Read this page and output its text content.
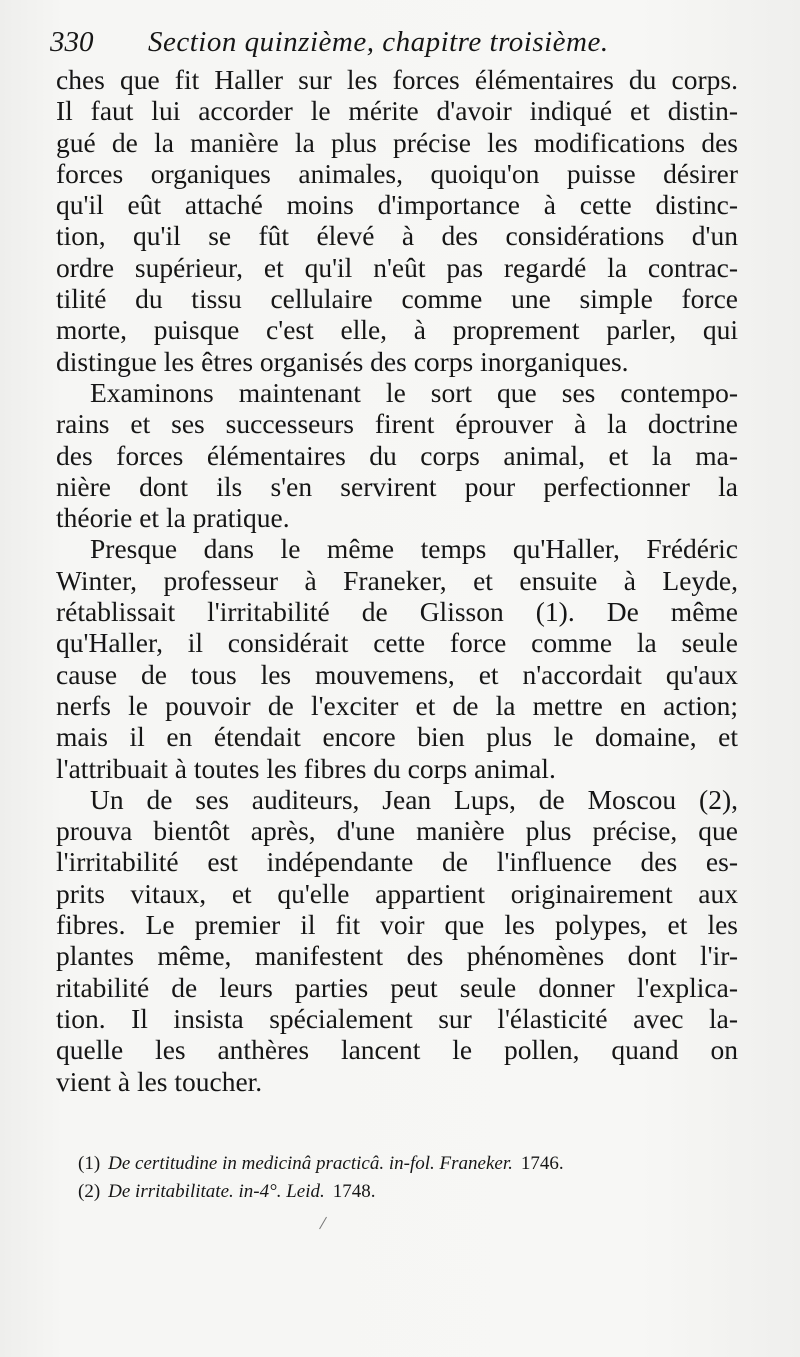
330 Section quinzième, chapitre troisième.
ches que fit Haller sur les forces élémentaires du corps.
Il faut lui accorder le mérite d'avoir indiqué et distin-
gué de la manière la plus précise les modifications des
forces organiques animales, quoiqu'on puisse désirer
qu'il eût attaché moins d'importance à cette distinc-
tion, qu'il se fût élevé à des considérations d'un
ordre supérieur, et qu'il n'eût pas regardé la contrac-
tilité du tissu cellulaire comme une simple force
morte, puisque c'est elle, à proprement parler, qui
distingue les êtres organisés des corps inorganiques.
Examinons maintenant le sort que ses contempo-
rains et ses successeurs firent éprouver à la doctrine
des forces élémentaires du corps animal, et la ma-
nière dont ils s'en servirent pour perfectionner la
théorie et la pratique.
Presque dans le même temps qu'Haller, Frédéric
Winter, professeur à Franeker, et ensuite à Leyde,
rétablissait l'irritabilité de Glisson (1). De même
qu'Haller, il considérait cette force comme la seule
cause de tous les mouvemens, et n'accordait qu'aux
nerfs le pouvoir de l'exciter et de la mettre en action;
mais il en étendait encore bien plus le domaine, et
l'attribuait à toutes les fibres du corps animal.
Un de ses auditeurs, Jean Lups, de Moscou (2),
prouva bientôt après, d'une manière plus précise, que
l'irritabilité est indépendante de l'influence des es-
prits vitaux, et qu'elle appartient originairement aux
fibres. Le premier il fit voir que les polypes, et les
plantes même, manifestent des phénomènes dont l'ir-
ritabilité de leurs parties peut seule donner l'explica-
tion. Il insista spécialement sur l'élasticité avec la-
quelle les anthères lancent le pollen, quand on
vient à les toucher.
(1) De certitudine in medicinâ practicâ. in-fol. Franeker. 1746.
(2) De irritabilitate. in-4°. Leid. 1748.
